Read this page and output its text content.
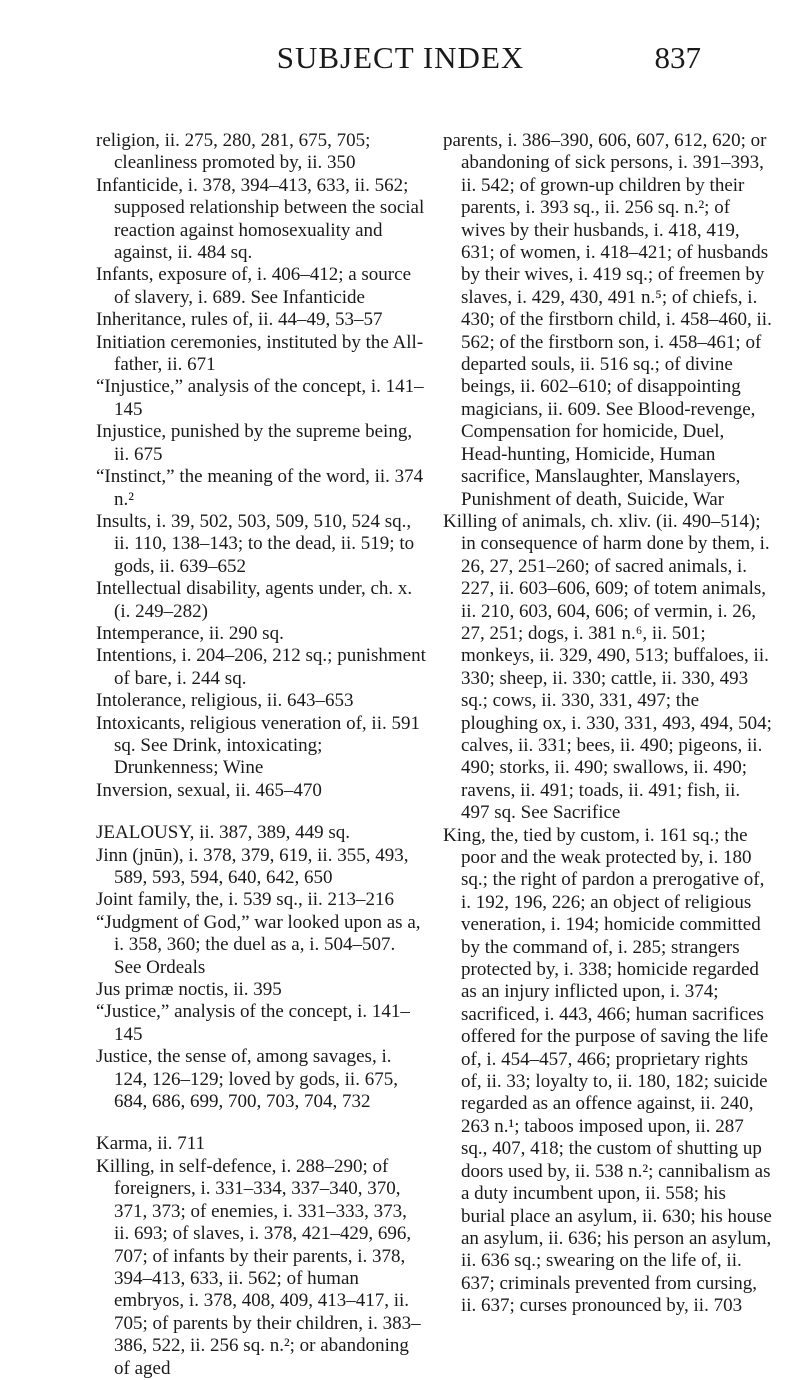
SUBJECT INDEX	837

religion, ii. 275, 280, 281, 675, 705; cleanliness promoted by, ii. 350

Infanticide, i. 378, 394–413, 633, ii. 562; supposed relationship between the social reaction against homosexuality and against, ii. 484 sq.

Infants, exposure of, i. 406–412; a source of slavery, i. 689. See Infanticide

Inheritance, rules of, ii. 44–49, 53–57

Initiation ceremonies, instituted by the All-father, ii. 671

“Injustice,” analysis of the concept, i. 141–145

Injustice, punished by the supreme being, ii. 675

“Instinct,” the meaning of the word, ii. 374 n.²

Insults, i. 39, 502, 503, 509, 510, 524 sq., ii. 110, 138–143; to the dead, ii. 519; to gods, ii. 639–652

Intellectual disability, agents under, ch. x. (i. 249–282)

Intemperance, ii. 290 sq.

Intentions, i. 204–206, 212 sq.; punishment of bare, i. 244 sq.

Intolerance, religious, ii. 643–653

Intoxicants, religious veneration of, ii. 591 sq. See Drink, intoxicating; Drunkenness; Wine

Inversion, sexual, ii. 465–470

JEALOUSY, ii. 387, 389, 449 sq.

Jinn (jnūn), i. 378, 379, 619, ii. 355, 493, 589, 593, 594, 640, 642, 650

Joint family, the, i. 539 sq., ii. 213–216

“Judgment of God,” war looked upon as a, i. 358, 360; the duel as a, i. 504–507. See Ordeals

Jus primæ noctis, ii. 395

“Justice,” analysis of the concept, i. 141–145

Justice, the sense of, among savages, i. 124, 126–129; loved by gods, ii. 675, 684, 686, 699, 700, 703, 704, 732

Karma, ii. 711

Killing, in self-defence, i. 288–290; of foreigners, i. 331–334, 337–340, 370, 371, 373; of enemies, i. 331–333, 373, ii. 693; of slaves, i. 378, 421–429, 696, 707; of infants by their parents, i. 378, 394–413, 633, ii. 562; of human embryos, i. 378, 408, 409, 413–417, ii. 705; of parents by their children, i. 383–386, 522, ii. 256 sq. n.²; or abandoning of aged

parents, i. 386–390, 606, 607, 612, 620; or abandoning of sick persons, i. 391–393, ii. 542; of grown-up children by their parents, i. 393 sq., ii. 256 sq. n.²; of wives by their husbands, i. 418, 419, 631; of women, i. 418–421; of husbands by their wives, i. 419 sq.; of freemen by slaves, i. 429, 430, 491 n.⁵; of chiefs, i. 430; of the firstborn child, i. 458–460, ii. 562; of the firstborn son, i. 458–461; of departed souls, ii. 516 sq.; of divine beings, ii. 602–610; of disappointing magicians, ii. 609. See Blood-revenge, Compensation for homicide, Duel, Head-hunting, Homicide, Human sacrifice, Manslaughter, Manslayers, Punishment of death, Suicide, War

Killing of animals, ch. xliv. (ii. 490–514); in consequence of harm done by them, i. 26, 27, 251–260; of sacred animals, i. 227, ii. 603–606, 609; of totem animals, ii. 210, 603, 604, 606; of vermin, i. 26, 27, 251; dogs, i. 381 n.⁶, ii. 501; monkeys, ii. 329, 490, 513; buffaloes, ii. 330; sheep, ii. 330; cattle, ii. 330, 493 sq.; cows, ii. 330, 331, 497; the ploughing ox, i. 330, 331, 493, 494, 504; calves, ii. 331; bees, ii. 490; pigeons, ii. 490; storks, ii. 490; swallows, ii. 490; ravens, ii. 491; toads, ii. 491; fish, ii. 497 sq. See Sacrifice

King, the, tied by custom, i. 161 sq.; the poor and the weak protected by, i. 180 sq.; the right of pardon a prerogative of, i. 192, 196, 226; an object of religious veneration, i. 194; homicide committed by the command of, i. 285; strangers protected by, i. 338; homicide regarded as an injury inflicted upon, i. 374; sacrificed, i. 443, 466; human sacrifices offered for the purpose of saving the life of, i. 454–457, 466; proprietary rights of, ii. 33; loyalty to, ii. 180, 182; suicide regarded as an offence against, ii. 240, 263 n.¹; taboos imposed upon, ii. 287 sq., 407, 418; the custom of shutting up doors used by, ii. 538 n.²; cannibalism as a duty incumbent upon, ii. 558; his burial place an asylum, ii. 630; his house an asylum, ii. 636; his person an asylum, ii. 636 sq.; swearing on the life of, ii. 637; criminals prevented from cursing, ii. 637; curses pronounced by, ii. 703
